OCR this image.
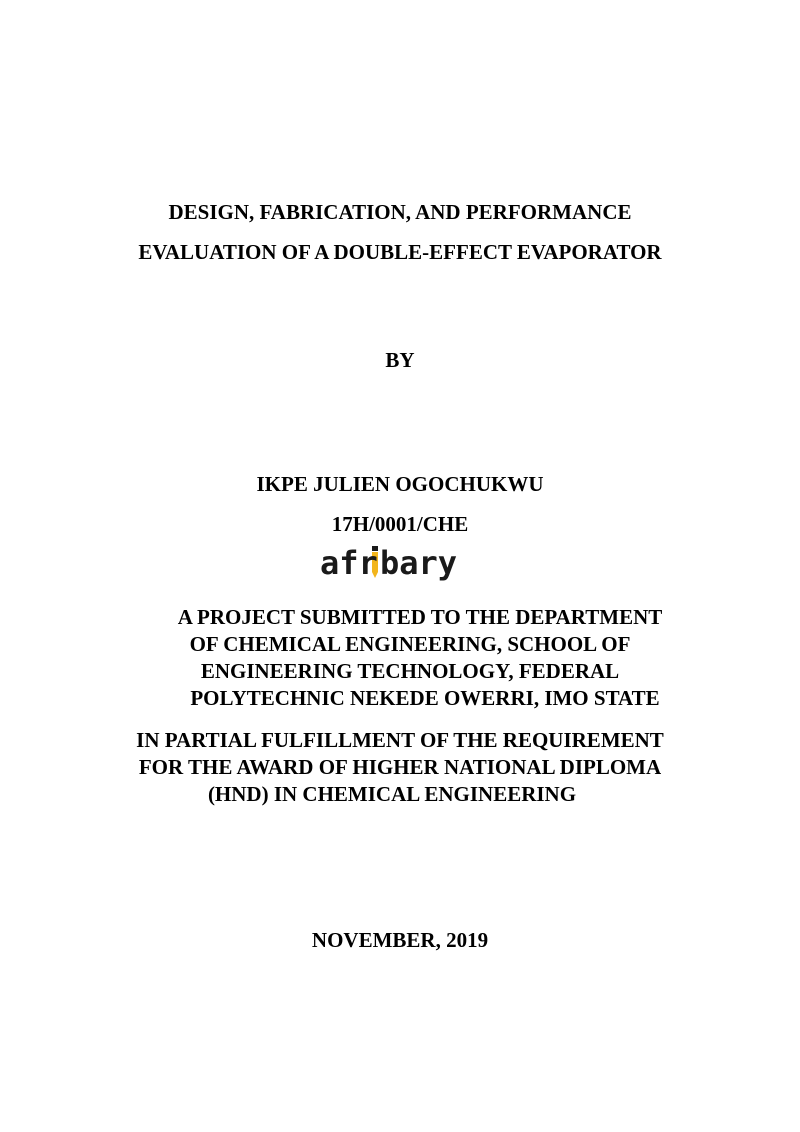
DESIGN, FABRICATION, AND PERFORMANCE

EVALUATION OF A DOUBLE-EFFECT EVAPORATOR

BY

IKPE JULIEN OGOCHUKWU

17H/0001/CHE

afr bary

A PROJECT SUBMITTED TO THE DEPARTMENT

OF CHEMICAL ENGINEERING, SCHOOL OF

ENGINEERING TECHNOLOGY, FEDERAL

POLYTECHNIC NEKEDE OWERRI, IMO STATE

IN PARTIAL FULFILLMENT OF THE REQUIREMENT

FOR THE AWARD OF HIGHER NATIONAL DIPLOMA

(HND) IN CHEMICAL ENGINEERING

NOVEMBER, 2019
